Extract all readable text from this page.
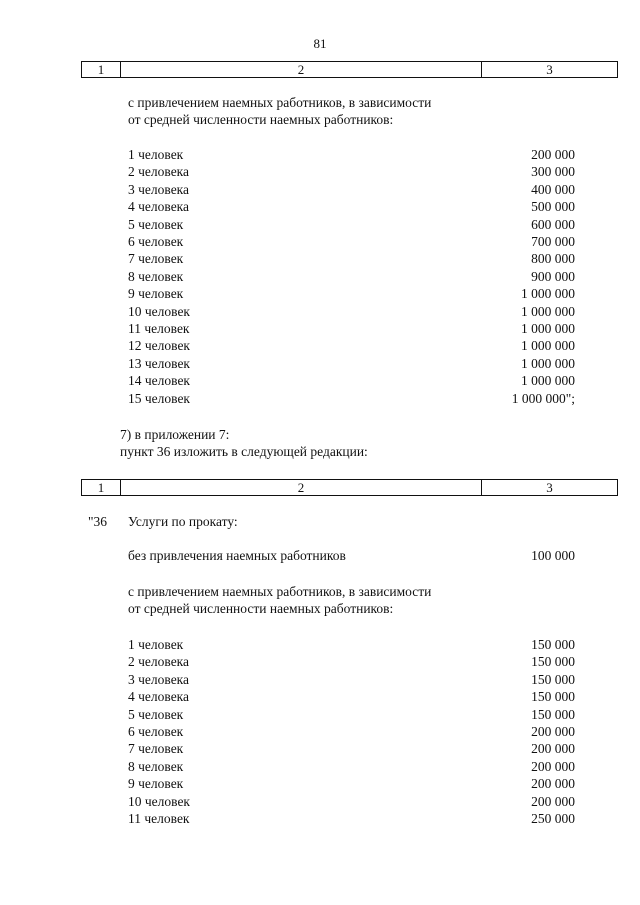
81
1	2	3
с привлечением наемных работников, в зависимости
от средней численности наемных работников:
1 человек	200 000
2 человека	300 000
3 человека	400 000
4 человека	500 000
5 человек	600 000
6 человек	700 000
7 человек	800 000
8 человек	900 000
9 человек	1 000 000
10 человек	1 000 000
11 человек	1 000 000
12 человек	1 000 000
13 человек	1 000 000
14 человек	1 000 000
15 человек	1 000 000";
7) в приложении 7:
пункт 36 изложить в следующей редакции:
1	2	3
"36 Услуги по прокату:
без привлечения наемных работников	100 000
с привлечением наемных работников, в зависимости
от средней численности наемных работников:
1 человек	150 000
2 человека	150 000
3 человека	150 000
4 человека	150 000
5 человек	150 000
6 человек	200 000
7 человек	200 000
8 человек	200 000
9 человек	200 000
10 человек	200 000
11 человек	250 000
